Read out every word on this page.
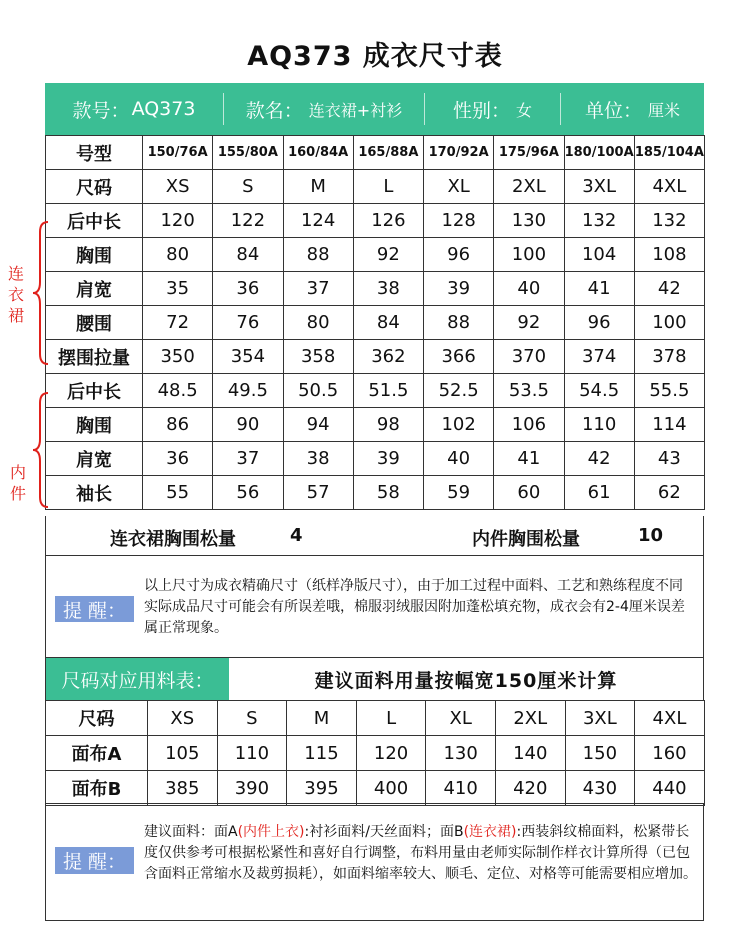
AQ373 成衣尺寸表
款号： AQ373	款名： 连衣裙+衬衫	性别： 女	单位： 厘米
号型	150/76A	155/80A	160/84A	165/88A	170/92A	175/96A	180/100A	185/104A
尺码	XS	S	M	L	XL	2XL	3XL	4XL
后中长	120	122	124	126	128	130	132	132
胸围	80	84	88	92	96	100	104	108
肩宽	35	36	37	38	39	40	41	42
腰围	72	76	80	84	88	92	96	100
摆围拉量	350	354	358	362	366	370	374	378
后中长	48.5	49.5	50.5	51.5	52.5	53.5	54.5	55.5
胸围	86	90	94	98	102	106	110	114
肩宽	36	37	38	39	40	41	42	43
袖长	55	56	57	58	59	60	61	62
连衣裙胸围松量	4	内件胸围松量	10
提 醒：
以上尺寸为成衣精确尺寸（纸样净版尺寸），由于加工过程中面料、工艺和熟练程度不同实际成品尺寸可能会有所误差哦，棉服羽绒服因附加蓬松填充物，成衣会有2-4厘米误差属正常现象。
尺码对应用料表：	建议面料用量按幅宽150厘米计算
尺码	XS	S	M	L	XL	2XL	3XL	4XL
面布A	105	110	115	120	130	140	150	160
面布B	385	390	395	400	410	420	430	440
提 醒：
建议面料：面A(内件上衣):衬衫面料/天丝面料；面B(连衣裙):西装斜纹棉面料，松紧带长度仅供参考可根据松紧性和喜好自行调整，布料用量由老师实际制作样衣计算所得（已包含面料正常缩水及裁剪损耗），如面料缩率较大、顺毛、定位、对格等可能需要相应增加。
连衣裙
内件
